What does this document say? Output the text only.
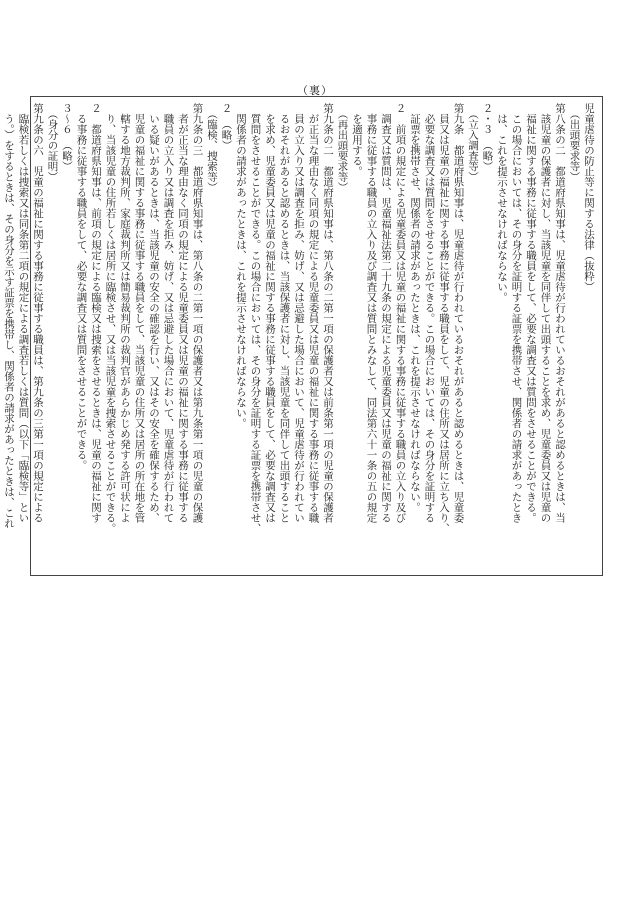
（裏）
児童虐待の防止等に関する法律（抜粋）
　（出頭要求等）
第八条の二　都道府県知事は、児童虐待が行われているおそれがあると認めるときは、当
　該児童の保護者に対し、当該児童を同伴して出頭することを求め、児童委員又は児童の
　福祉に関する事務に従事する職員をして、必要な調査又は質問をさせることができる。
　この場合においては、その身分を証明する証票を携帯させ、関係者の請求があったとき
　は、これを提示させなければならない。
２・３　（略）
　（立入調査等）
第九条　都道府県知事は、児童虐待が行われているおそれがあると認めるときは、児童委
　員又は児童の福祉に関する事務に従事する職員をして、児童の住所又は居所に立ち入り、
　必要な調査又は質問をさせることができる。この場合においては、その身分を証明する
　証票を携帯させ、関係者の請求があったときは、これを提示させなければならない。
２　前項の規定による児童委員又は児童の福祉に関する事務に従事する職員の立入り及び
　調査又は質問は、児童福祉法第二十九条の規定による児童委員又は児童の福祉に関する
　事務に従事する職員の立入り及び調査又は質問とみなして、同法第六十一条の五の規定
　を適用する。
　（再出頭要求等）
第九条の二　都道府県知事は、第八条の二第一項の保護者又は前条第一項の児童の保護者
　が正当な理由なく同項の規定による児童委員又は児童の福祉に関する事務に従事する職
　員の立入り又は調査を拒み、妨げ、又は忌避した場合において、児童虐待が行われてい
　るおそれがあると認めるときは、当該保護者に対し、当該児童を同伴して出頭すること
　を求め、児童委員又は児童の福祉に関する事務に従事する職員をして、必要な調査又は
　質問をさせることができる。この場合においては、その身分を証明する証票を携帯させ、
　関係者の請求があったときは、これを提示させなければならない。
２　（略）
　（臨検、捜索等）
第九条の三　都道府県知事は、第八条の二第一項の保護者又は第九条第一項の児童の保護
　者が正当な理由なく同項の規定による児童委員又は児童の福祉に関する事務に従事する
　職員の立入り又は調査を拒み、妨げ、又は忌避した場合において、児童虐待が行われて
　いる疑いがあるときは、当該児童の安全の確認を行い、又はその安全を確保するため、
　児童の福祉に関する事務に従事する職員をして、当該児童の住所又は居所の所在地を管
　轄する地方裁判所、家庭裁判所又は簡易裁判所の裁判官があらかじめ発する許可状によ
　り、当該児童の住所若しくは居所に臨検させ、又は当該児童を捜索させることができる。
２　都道府県知事は、前項の規定による臨検又は捜索をさせるときは、児童の福祉に関す
　る事務に従事する職員をして、必要な調査又は質問をさせることができる。
３～６　（略）
　（身分の証明）
第九条の六　児童の福祉に関する事務に従事する職員は、第九条の三第一項の規定による
　臨検若しくは捜索又は同条第二項の規定による調査若しくは質問（以下「臨検等」とい
　う。）をするときは、その身分を示す証票を携帯し、関係者の請求があったときは、これ
